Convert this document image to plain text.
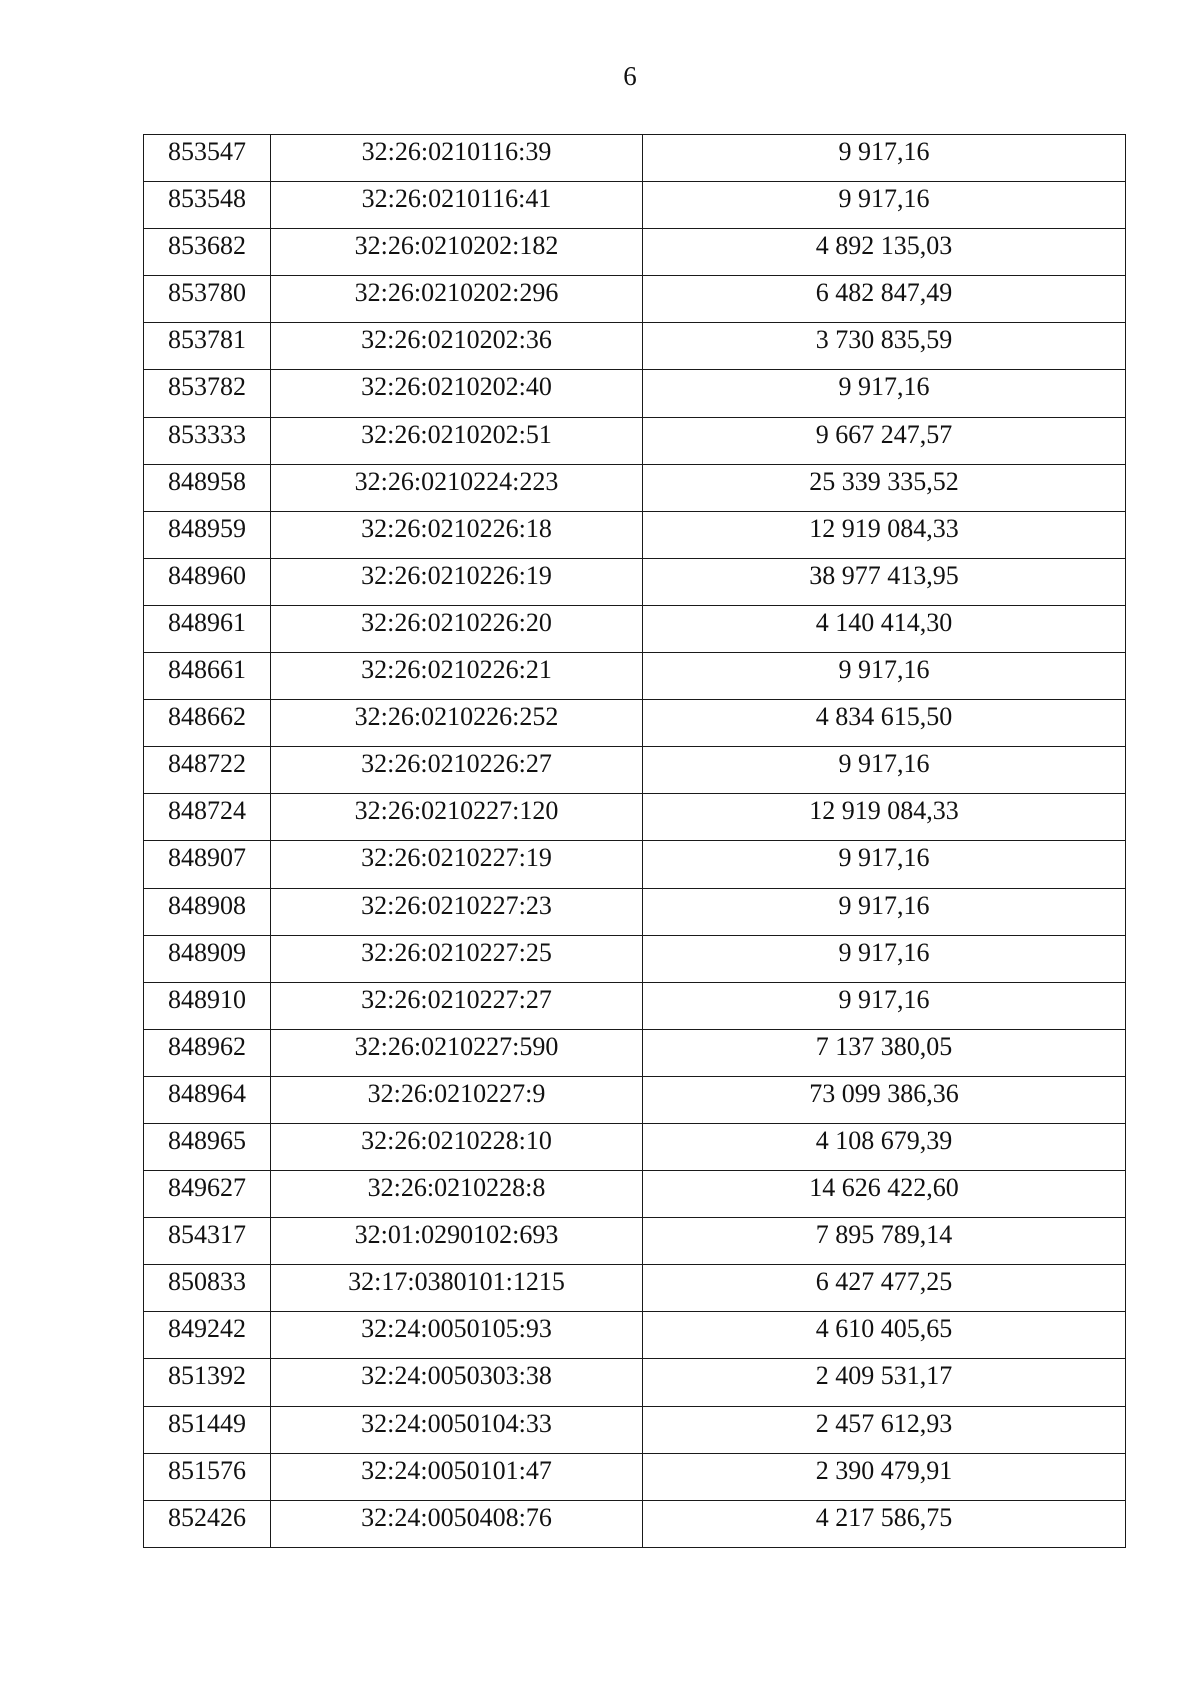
6
853547	32:26:0210116:39	9 917,16
853548	32:26:0210116:41	9 917,16
853682	32:26:0210202:182	4 892 135,03
853780	32:26:0210202:296	6 482 847,49
853781	32:26:0210202:36	3 730 835,59
853782	32:26:0210202:40	9 917,16
853333	32:26:0210202:51	9 667 247,57
848958	32:26:0210224:223	25 339 335,52
848959	32:26:0210226:18	12 919 084,33
848960	32:26:0210226:19	38 977 413,95
848961	32:26:0210226:20	4 140 414,30
848661	32:26:0210226:21	9 917,16
848662	32:26:0210226:252	4 834 615,50
848722	32:26:0210226:27	9 917,16
848724	32:26:0210227:120	12 919 084,33
848907	32:26:0210227:19	9 917,16
848908	32:26:0210227:23	9 917,16
848909	32:26:0210227:25	9 917,16
848910	32:26:0210227:27	9 917,16
848962	32:26:0210227:590	7 137 380,05
848964	32:26:0210227:9	73 099 386,36
848965	32:26:0210228:10	4 108 679,39
849627	32:26:0210228:8	14 626 422,60
854317	32:01:0290102:693	7 895 789,14
850833	32:17:0380101:1215	6 427 477,25
849242	32:24:0050105:93	4 610 405,65
851392	32:24:0050303:38	2 409 531,17
851449	32:24:0050104:33	2 457 612,93
851576	32:24:0050101:47	2 390 479,91
852426	32:24:0050408:76	4 217 586,75
